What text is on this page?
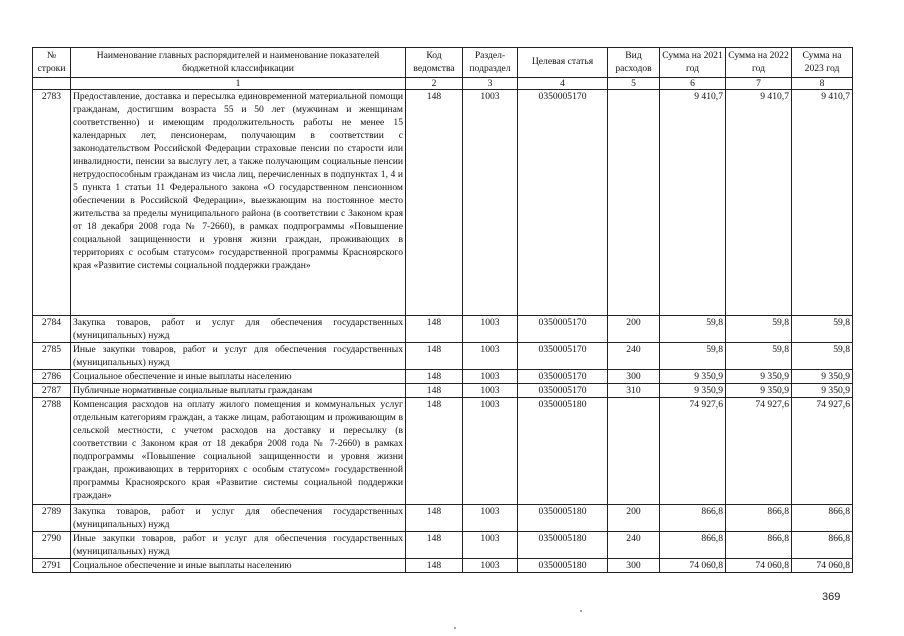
№ строки	Наименование главных распорядителей и наименование показателей бюджетной классификации	Код ведомства	Раздел-подраздел	Целевая статья	Вид расходов	Сумма на 2021 год	Сумма на 2022 год	Сумма на 2023 год
	1	2	3	4	5	6	7	8
2783	Предоставление, доставка и пересылка единовременной материальной помощи гражданам, достигшим возраста 55 и 50 лет (мужчинам и женщинам соответственно) и имеющим продолжительность работы не менее 15 календарных лет, пенсионерам, получающим в соответствии с законодательством Российской Федерации страховые пенсии по старости или инвалидности, пенсии за выслугу лет, а также получающим социальные пенсии нетрудоспособным гражданам из числа лиц, перечисленных в подпунктах 1, 4 и 5 пункта 1 статьи 11 Федерального закона «О государственном пенсионном обеспечении в Российской Федерации», выезжающим на постоянное место жительства за пределы муниципального района (в соответствии с Законом края от 18 декабря 2008 года № 7-2660), в рамках подпрограммы «Повышение социальной защищенности и уровня жизни граждан, проживающих в территориях с особым статусом» государственной программы Красноярского края «Развитие системы социальной поддержки граждан»	148	1003	0350005170		9 410,7	9 410,7	9 410,7
2784	Закупка товаров, работ и услуг для обеспечения государственных (муниципальных) нужд	148	1003	0350005170	200	59,8	59,8	59,8
2785	Иные закупки товаров, работ и услуг для обеспечения государственных (муниципальных) нужд	148	1003	0350005170	240	59,8	59,8	59,8
2786	Социальное обеспечение и иные выплаты населению	148	1003	0350005170	300	9 350,9	9 350,9	9 350,9
2787	Публичные нормативные социальные выплаты гражданам	148	1003	0350005170	310	9 350,9	9 350,9	9 350,9
2788	Компенсация расходов на оплату жилого помещения и коммунальных услуг отдельным категориям граждан, а также лицам, работающим и проживающим в сельской местности, с учетом расходов на доставку и пересылку (в соответствии с Законом края от 18 декабря 2008 года № 7-2660) в рамках подпрограммы «Повышение социальной защищенности и уровня жизни граждан, проживающих в территориях с особым статусом» государственной программы Красноярского края «Развитие системы социальной поддержки граждан»	148	1003	0350005180		74 927,6	74 927,6	74 927,6
2789	Закупка товаров, работ и услуг для обеспечения государственных (муниципальных) нужд	148	1003	0350005180	200	866,8	866,8	866,8
2790	Иные закупки товаров, работ и услуг для обеспечения государственных (муниципальных) нужд	148	1003	0350005180	240	866,8	866,8	866,8
2791	Социальное обеспечение и иные выплаты населению	148	1003	0350005180	300	74 060,8	74 060,8	74 060,8
369
